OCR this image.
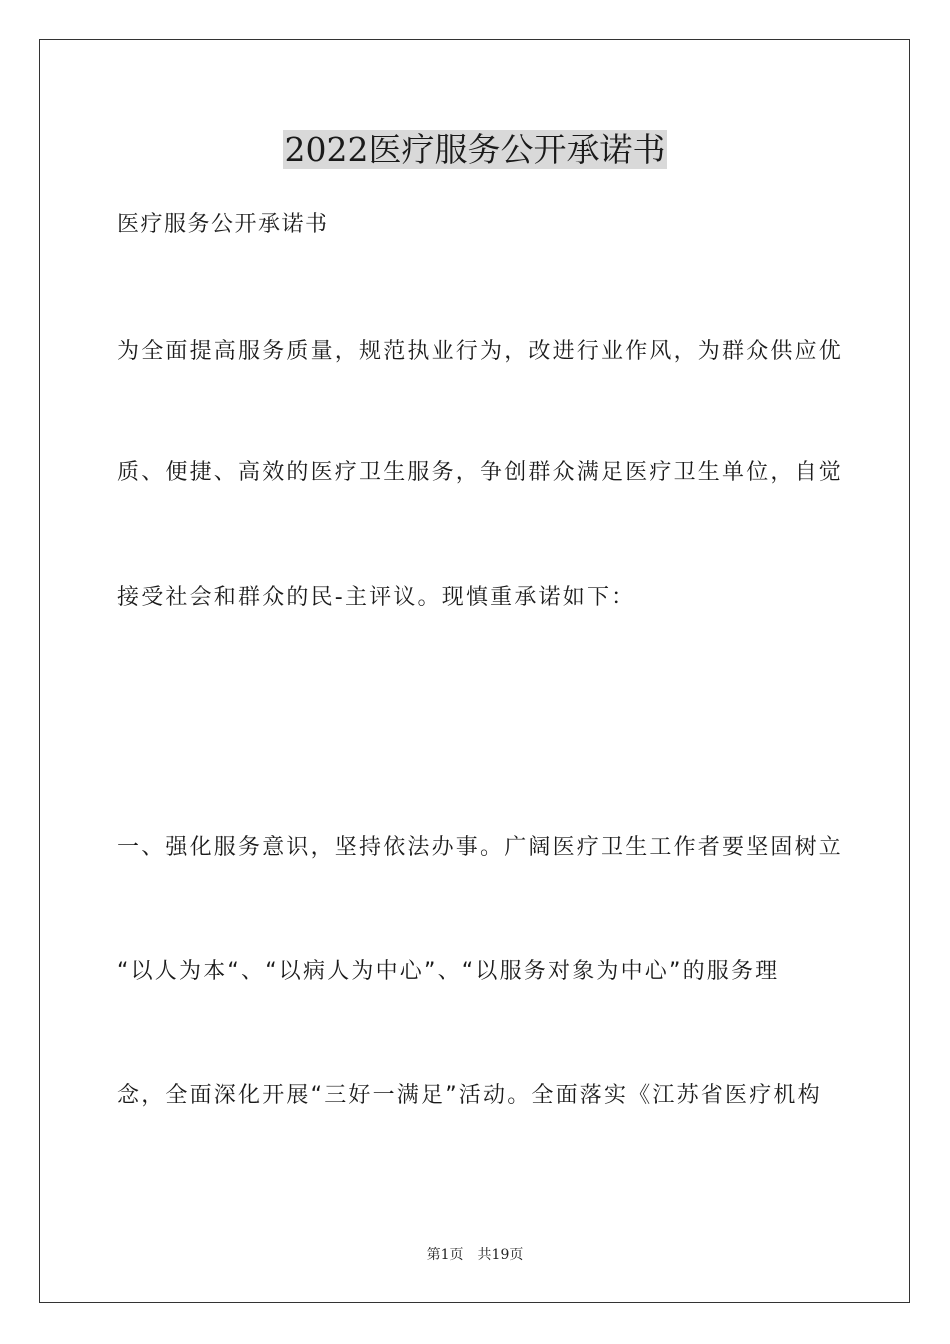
2022医疗服务公开承诺书
医疗服务公开承诺书
为全面提高服务质量，规范执业行为，改进行业作风，为群众供应优
质、便捷、高效的医疗卫生服务，争创群众满足医疗卫生单位，自觉
接受社会和群众的民-主评议。现慎重承诺如下：
一、强化服务意识，坚持依法办事。广阔医疗卫生工作者要坚固树立
“以人为本“、“以病人为中心”、“以服务对象为中心”的服务理
念，全面深化开展“三好一满足”活动。全面落实《江苏省医疗机构
第1页 共19页
